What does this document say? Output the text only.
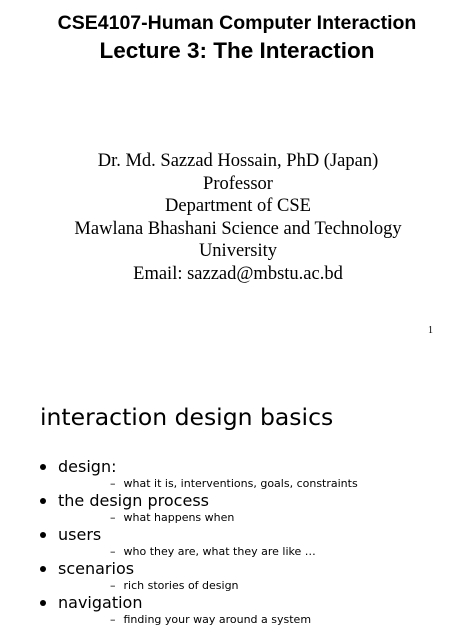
CSE4107-Human Computer Interaction
Lecture 3: The Interaction
Dr. Md. Sazzad Hossain, PhD (Japan)
Professor
Department of CSE
Mawlana Bhashani Science and Technology
University
Email: sazzad@mbstu.ac.bd
1
interaction design basics
design:
– what it is, interventions, goals, constraints
the design process
– what happens when
users
– who they are, what they are like …
scenarios
– rich stories of design
navigation
– finding your way around a system
